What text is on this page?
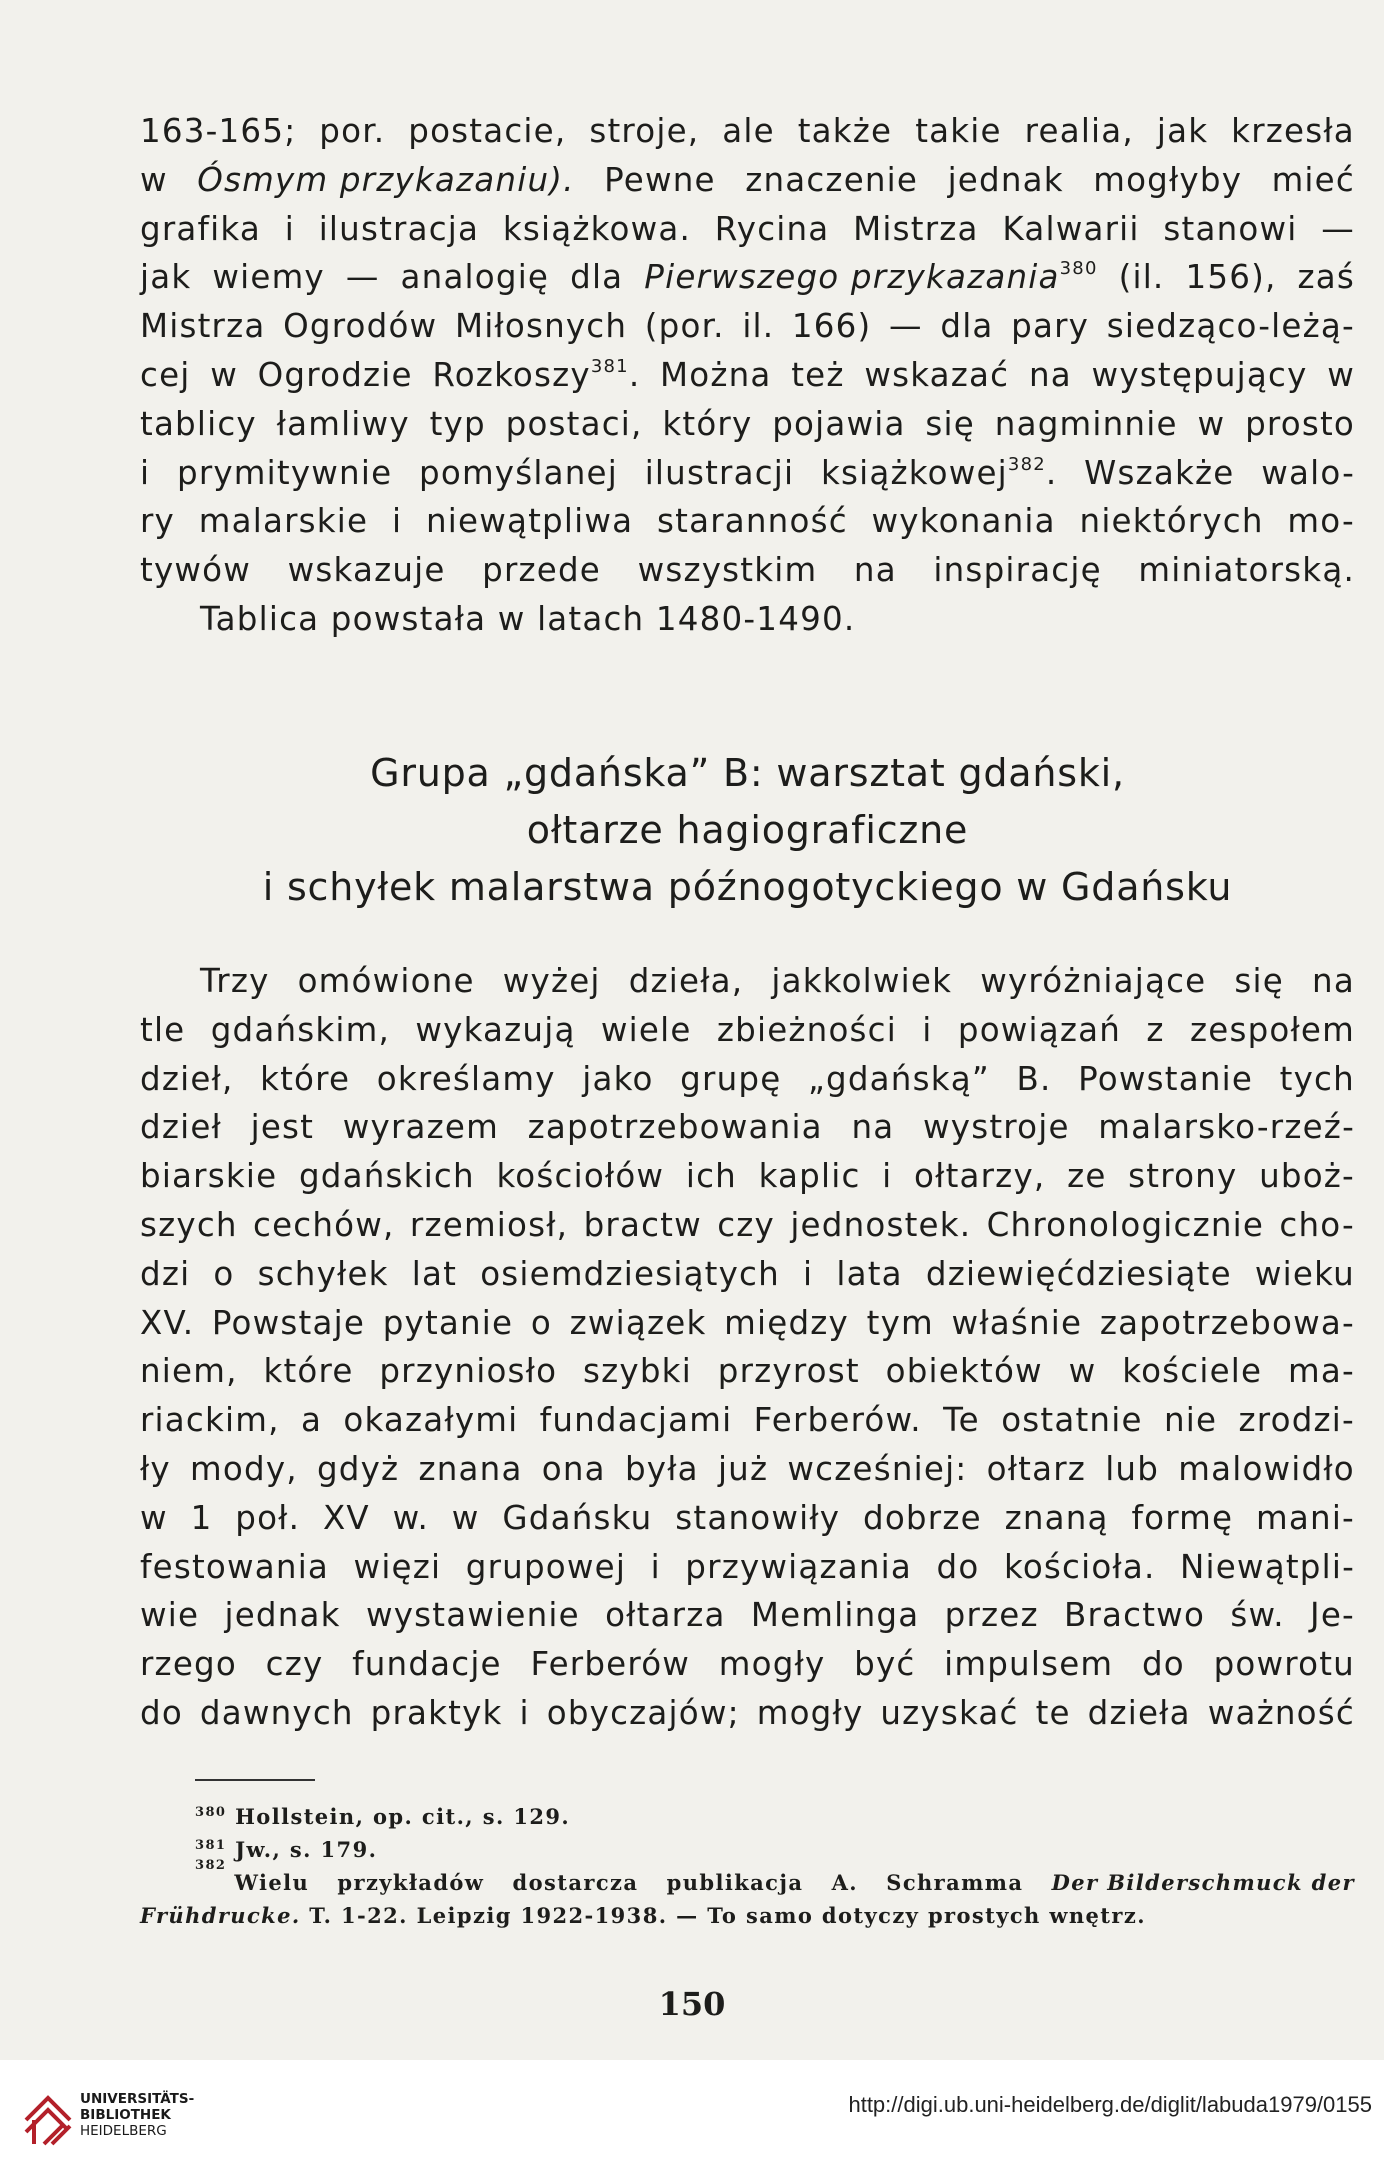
163-165; por. postacie, stroje, ale także takie realia, jak krzesła
w Ósmym przykazaniu). Pewne znaczenie jednak mogłyby mieć
grafika i ilustracja książkowa. Rycina Mistrza Kalwarii stanowi —
jak wiemy — analogię dla Pierwszego przykazania$^{380}$ (il. 156), zaś
Mistrza Ogrodów Miłosnych (por. il. 166) — dla pary siedząco-leżą-
cej w Ogrodzie Rozkoszy$^{381}$. Można też wskazać na występujący w
tablicy łamliwy typ postaci, który pojawia się nagminnie w prosto
i prymitywnie pomyślanej ilustracji książkowej$^{382}$. Wszakże walo-
ry malarskie i niewątpliwa staranność wykonania niektórych mo-
tywów wskazuje przede wszystkim na inspirację miniatorską.
Tablica powstała w latach 1480-1490.
Grupa „gdańska” B: warsztat gdański,
ołtarze hagiograficzne
i schyłek malarstwa późnogotyckiego w Gdańsku
Trzy omówione wyżej dzieła, jakkolwiek wyróżniające się na
tle gdańskim, wykazują wiele zbieżności i powiązań z zespołem
dzieł, które określamy jako grupę „gdańską” B. Powstanie tych
dzieł jest wyrazem zapotrzebowania na wystroje malarsko-rzeź-
biarskie gdańskich kościołów ich kaplic i ołtarzy, ze strony uboż-
szych cechów, rzemiosł, bractw czy jednostek. Chronologicznie cho-
dzi o schyłek lat osiemdziesiątych i lata dziewięćdziesiąte wieku
XV. Powstaje pytanie o związek między tym właśnie zapotrzebowa-
niem, które przyniosło szybki przyrost obiektów w kościele ma-
riackim, a okazałymi fundacjami Ferberów. Te ostatnie nie zrodzi-
ły mody, gdyż znana ona była już wcześniej: ołtarz lub malowidło
w 1 poł. XV w. w Gdańsku stanowiły dobrze znaną formę mani-
festowania więzi grupowej i przywiązania do kościoła. Niewątpli-
wie jednak wystawienie ołtarza Memlinga przez Bractwo św. Je-
rzego czy fundacje Ferberów mogły być impulsem do powrotu
do dawnych praktyk i obyczajów; mogły uzyskać te dzieła ważność
$^{380}$ Hollstein, op. cit., s. 129.
$^{381}$ Jw., s. 179.
382
Wielu przykładów dostarcza publikacja A. Schramma Der Bilderschmuck der
Frühdrucke. T. 1-22. Leipzig 1922-1938. — To samo dotyczy prostych wnętrz.
150
UNIVERSITÄTS-
BIBLIOTHEK
HEIDELBERG
http://digi.ub.uni-heidelberg.de/diglit/labuda1979/0155
